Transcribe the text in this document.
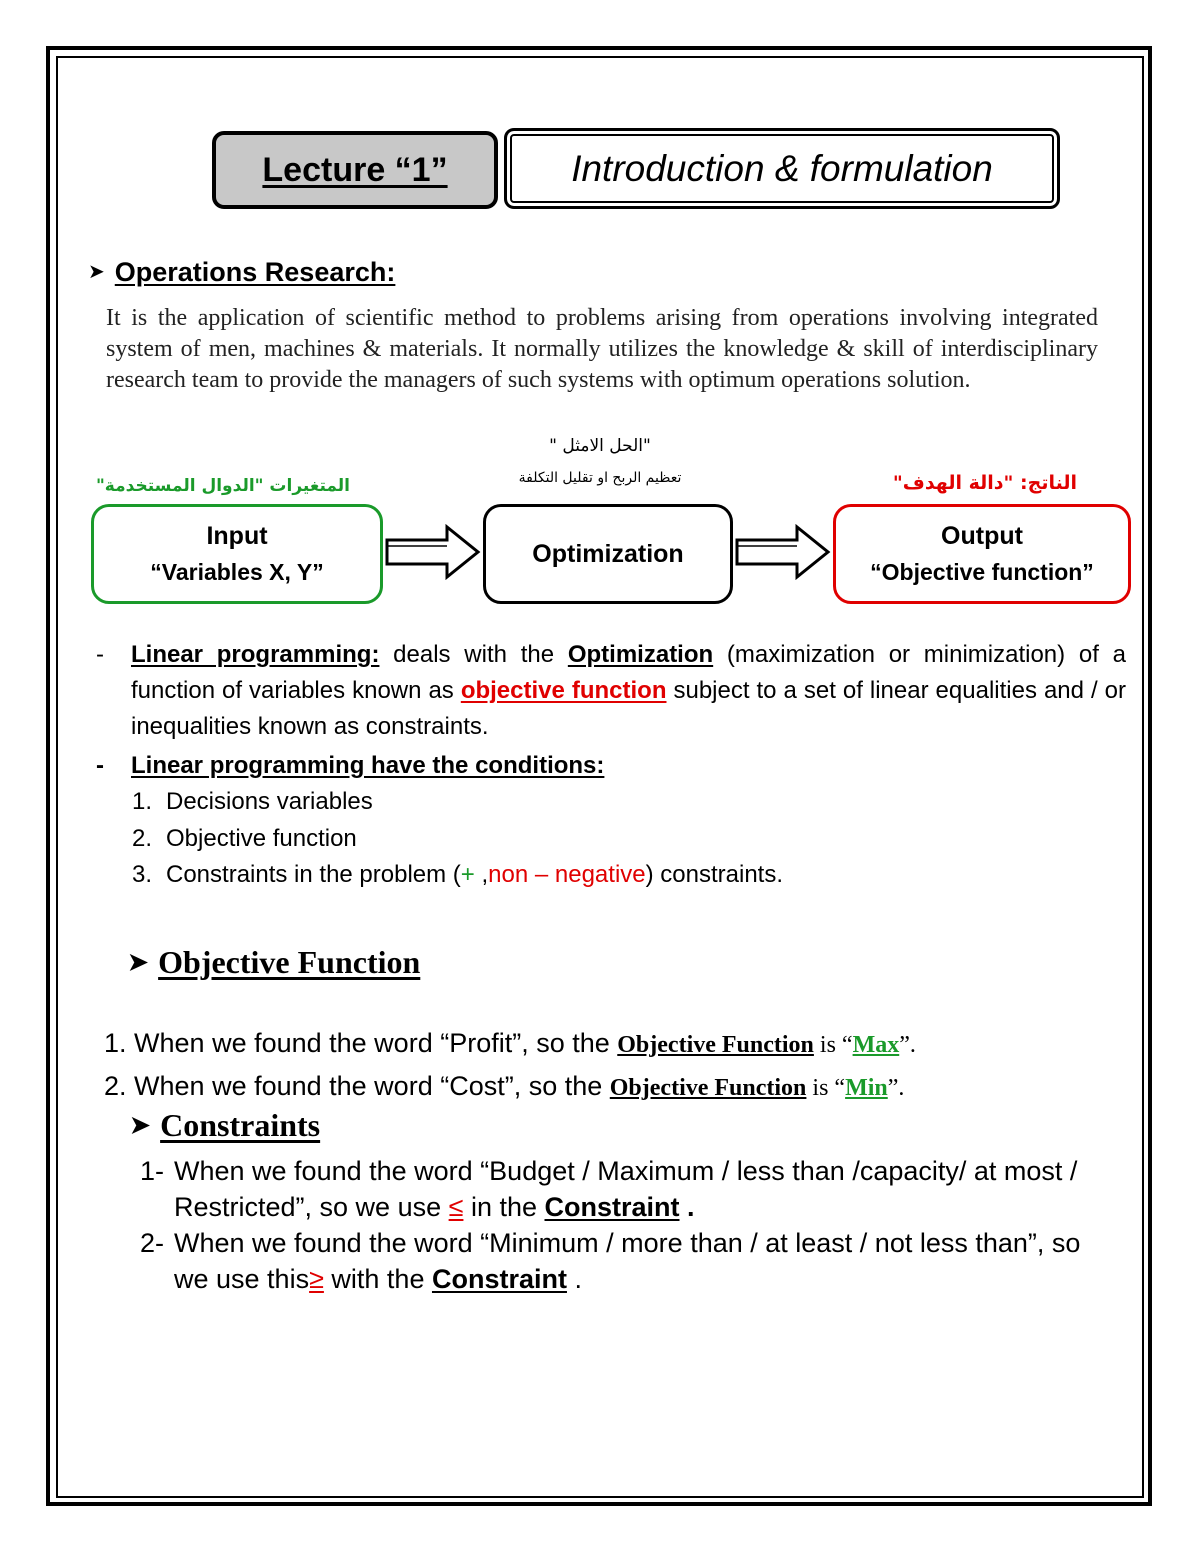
Lecture “1”	Introduction & formulation
➤ Operations Research:
It is the application of scientific method to problems arising from operations involving integrated system of men, machines & materials. It normally utilizes the knowledge & skill of interdisciplinary research team to provide the managers of such systems with optimum operations solution.
المتغيرات "الدوال المستخدمة"
"الحل الامثل "
تعظيم الربح او تقليل التكلفة	الناتج: "دالة الهدف"
Input
“Variables X, Y”
Optimization
Output
“Objective function”
- Linear programming: deals with the Optimization (maximization or minimization) of a function of variables known as objective function subject to a set of linear equalities and / or inequalities known as constraints.
- Linear programming have the conditions:
1. Decisions variables
2. Objective function
3. Constraints in the problem (+ ,non – negative) constraints.
➤ Objective Function
1. When we found the word “Profit”, so the Objective Function is “Max”.
2. When we found the word “Cost”, so the Objective Function is “Min”.
➤ Constraints
1- When we found the word “Budget / Maximum / less than /capacity/ at most / Restricted”, so we use ≤ in the Constraint .
2- When we found the word “Minimum / more than / at least / not less than”, so we use this≥ with the Constraint .
